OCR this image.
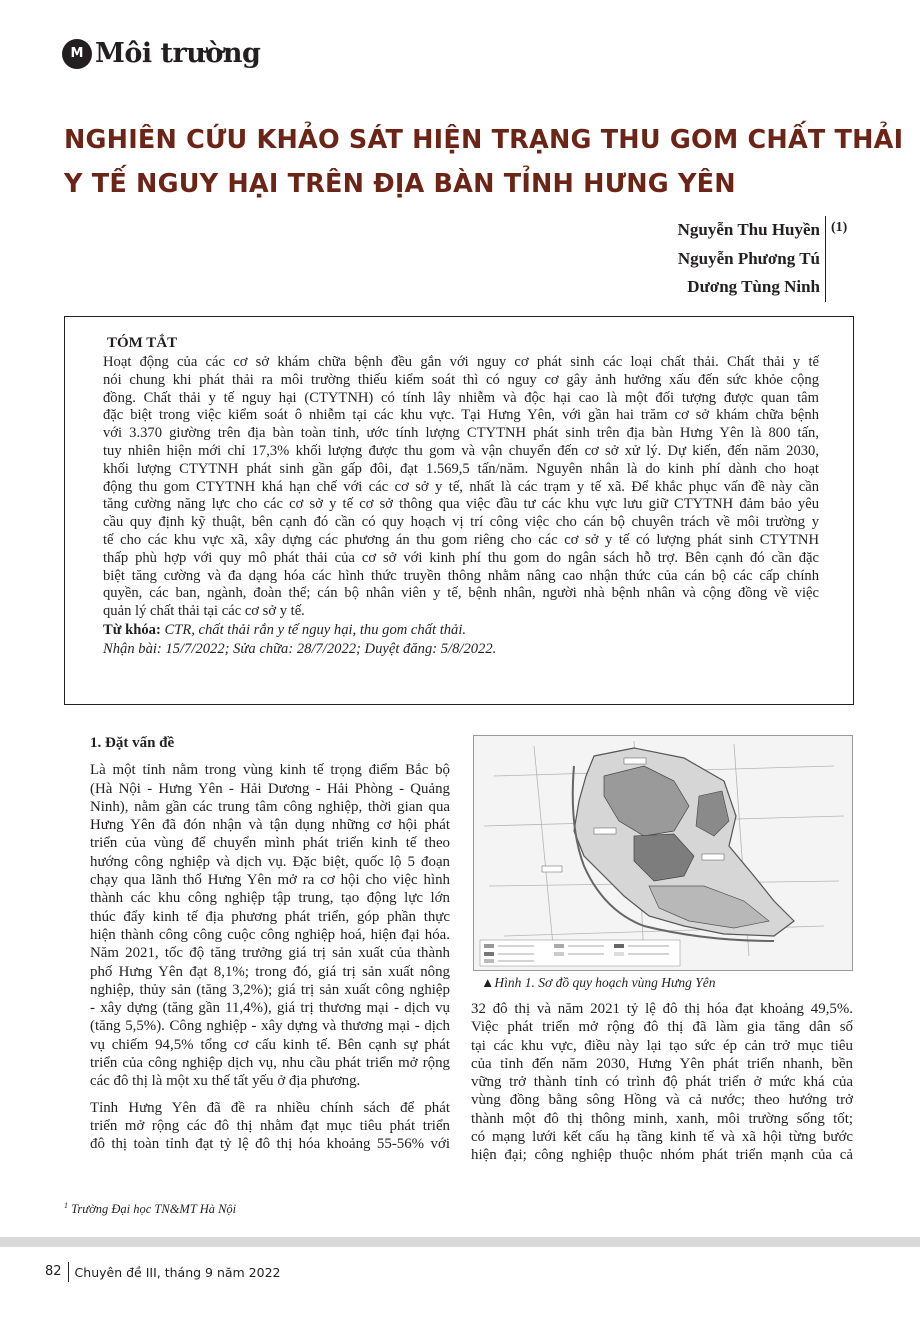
M Môi trường
NGHIÊN CỨU KHẢO SÁT HIỆN TRẠNG THU GOM CHẤT THẢI
Y TẾ NGUY HẠI TRÊN ĐỊA BÀN TỈNH HƯNG YÊN
Nguyễn Thu Huyền
Nguyễn Phương Tú
Dương Tùng Ninh
(1)
TÓM TẮT
Hoạt động của các cơ sở khám chữa bệnh đều gắn với nguy cơ phát sinh các loại chất thải. Chất thải y tế
nói chung khi phát thải ra môi trường thiếu kiểm soát thì có nguy cơ gây ảnh hưởng xấu đến sức khỏe cộng
đồng. Chất thải y tế nguy hại (CTYTNH) có tính lây nhiễm và độc hại cao là một đối tượng được quan tâm
đặc biệt trong việc kiểm soát ô nhiễm tại các khu vực. Tại Hưng Yên, với gần hai trăm cơ sở khám chữa bệnh
với 3.370 giường trên địa bàn toàn tỉnh, ước tính lượng CTYTNH phát sinh trên địa bàn Hưng Yên là 800 tấn,
tuy nhiên hiện mới chỉ 17,3% khối lượng được thu gom và vận chuyển đến cơ sở xử lý. Dự kiến, đến năm 2030,
khối lượng CTYTNH phát sinh gần gấp đôi, đạt 1.569,5 tấn/năm. Nguyên nhân là do kinh phí dành cho hoạt
động thu gom CTYTNH khá hạn chế với các cơ sở y tế, nhất là các trạm y tế xã. Để khắc phục vấn đề này cần
tăng cường năng lực cho các cơ sở y tế cơ sở thông qua việc đầu tư các khu vực lưu giữ CTYTNH đảm bảo yêu
cầu quy định kỹ thuật, bên cạnh đó cần có quy hoạch vị trí công việc cho cán bộ chuyên trách về môi trường y
tế cho các khu vực xã, xây dựng các phương án thu gom riêng cho các cơ sở y tế có lượng phát sinh CTYTNH
thấp phù hợp với quy mô phát thải của cơ sở với kinh phí thu gom do ngân sách hỗ trợ. Bên cạnh đó cần đặc
biệt tăng cường và đa dạng hóa các hình thức truyền thông nhằm nâng cao nhận thức của cán bộ các cấp chính
quyền, các ban, ngành, đoàn thể; cán bộ nhân viên y tế, bệnh nhân, người nhà bệnh nhân và cộng đồng về việc
quản lý chất thải tại các cơ sở y tế.
Từ khóa: CTR, chất thải rắn y tế nguy hại, thu gom chất thải.
Nhận bài: 15/7/2022; Sửa chữa: 28/7/2022; Duyệt đăng: 5/8/2022.
1. Đặt vấn đề
Là một tỉnh nằm trong vùng kinh tế trọng điểm Bắc bộ
(Hà Nội - Hưng Yên - Hải Dương - Hải Phòng - Quảng
Ninh), nằm gần các trung tâm công nghiệp, thời gian qua
Hưng Yên đã đón nhận và tận dụng những cơ hội phát
triển của vùng để chuyển mình phát triển kinh tế theo
hướng công nghiệp và dịch vụ. Đặc biệt, quốc lộ 5 đoạn
chạy qua lãnh thổ Hưng Yên mở ra cơ hội cho việc hình
thành các khu công nghiệp tập trung, tạo động lực lớn
thúc đẩy kinh tế địa phương phát triển, góp phần thực
hiện thành công công cuộc công nghiệp hoá, hiện đại hóa.
Năm 2021, tốc độ tăng trưởng giá trị sản xuất của thành
phố Hưng Yên đạt 8,1%; trong đó, giá trị sản xuất nông
nghiệp, thủy sản (tăng 3,2%); giá trị sản xuất công nghiệp
- xây dựng (tăng gần 11,4%), giá trị thương mại - dịch vụ
(tăng 5,5%). Công nghiệp - xây dựng và thương mại - dịch
vụ chiếm 94,5% tổng cơ cấu kinh tế. Bên cạnh sự phát
triển của công nghiệp dịch vụ, nhu cầu phát triển mở rộng
các đô thị là một xu thế tất yếu ở địa phương.
Tỉnh Hưng Yên đã đề ra nhiều chính sách để phát
triển mở rộng các đô thị nhằm đạt mục tiêu phát triển
đô thị toàn tỉnh đạt tỷ lệ đô thị hóa khoảng 55-56% với
▲Hình 1. Sơ đồ quy hoạch vùng Hưng Yên
32 đô thị và năm 2021 tỷ lệ đô thị hóa đạt khoảng 49,5%.
Việc phát triển mở rộng đô thị đã làm gia tăng dân số
tại các khu vực, điều này lại tạo sức ép cản trở mục tiêu
của tỉnh đến năm 2030, Hưng Yên phát triển nhanh, bền
vững trở thành tỉnh có trình độ phát triển ở mức khá của
vùng đồng bằng sông Hồng và cả nước; theo hướng trở
thành một đô thị thông minh, xanh, môi trường sống tốt;
có mạng lưới kết cấu hạ tầng kinh tế và xã hội từng bước
hiện đại; công nghiệp thuộc nhóm phát triển mạnh của cả
$^1$ Trường Đại học TN&MT Hà Nội
82	Chuyên đề III, tháng 9 năm 2022
